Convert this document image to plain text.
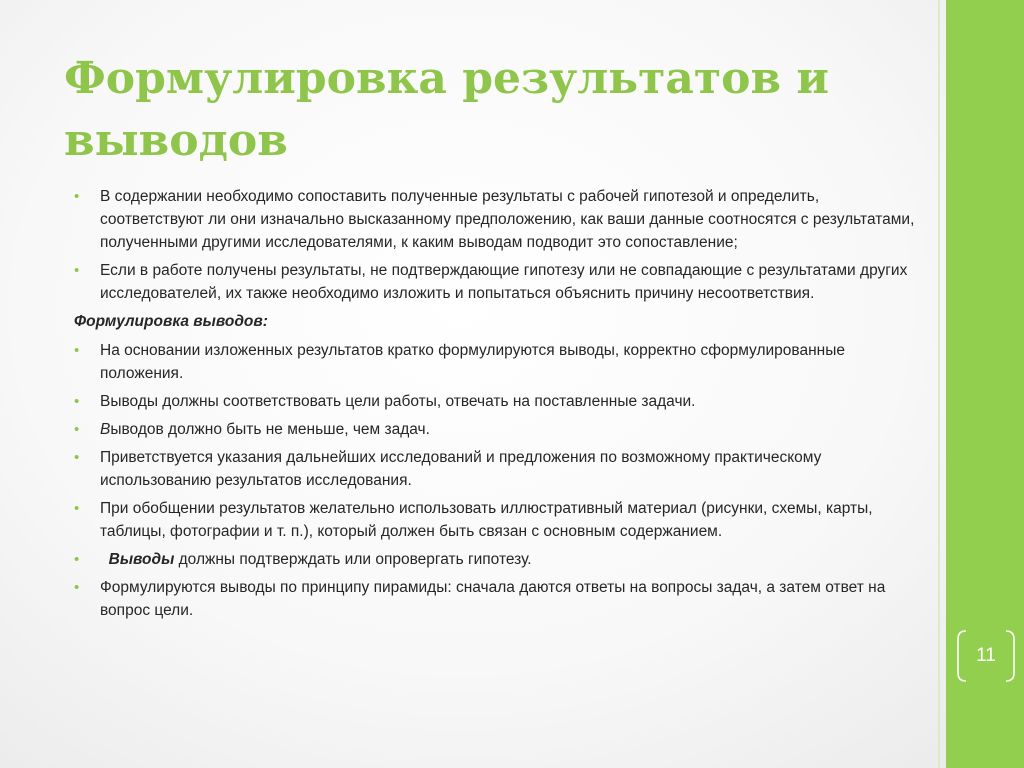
11
Формулировка результатов и выводов
• В содержании необходимо сопоставить полученные результаты с рабочей гипотезой и определить, соответствуют ли они изначально высказанному предположению, как ваши данные соотносятся с результатами, полученными другими исследователями, к каким выводам подводит это сопоставление;
• Если в работе получены результаты, не подтверждающие гипотезу или не совпадающие с результатами других исследователей, их также необходимо изложить и попытаться объяснить причину несоответствия.
Формулировка выводов:
• На основании изложенных результатов кратко формулируются выводы, корректно сформулированные положения.
• Выводы должны соответствовать цели работы, отвечать на поставленные задачи.
• Выводов должно быть не меньше, чем задач.
• Приветствуется указания дальнейших исследований и предложения по возможному практическому использованию результатов исследования.
• При обобщении результатов желательно использовать иллюстративный материал (рисунки, схемы, карты, таблицы, фотографии и т. п.), который должен быть связан с основным содержанием.
• Выводы должны подтверждать или опровергать гипотезу.
• Формулируются выводы по принципу пирамиды: сначала даются ответы на вопросы задач, а затем ответ на вопрос цели.
